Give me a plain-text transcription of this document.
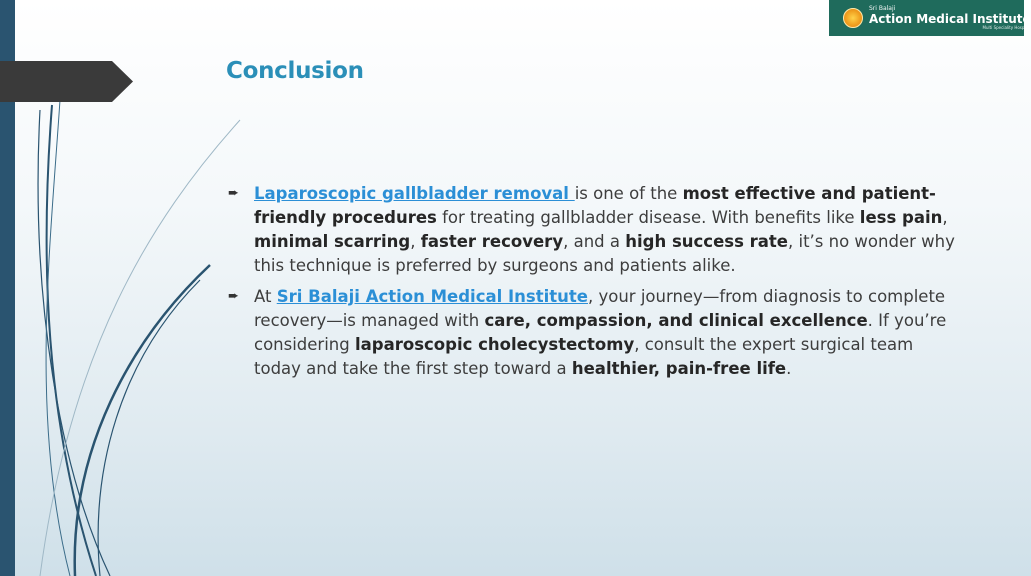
Conclusion
Sri Balaji
Action Medical Institute
Multi Speciality Hospital
➨ Laparoscopic gallbladder removal is one of the most effective and patient-friendly procedures for treating gallbladder disease. With benefits like less pain, minimal scarring, faster recovery, and a high success rate, it’s no wonder why this technique is preferred by surgeons and patients alike.
➨ At Sri Balaji Action Medical Institute, your journey—from diagnosis to complete recovery—is managed with care, compassion, and clinical excellence. If you’re considering laparoscopic cholecystectomy, consult the expert surgical team today and take the first step toward a healthier, pain-free life.
